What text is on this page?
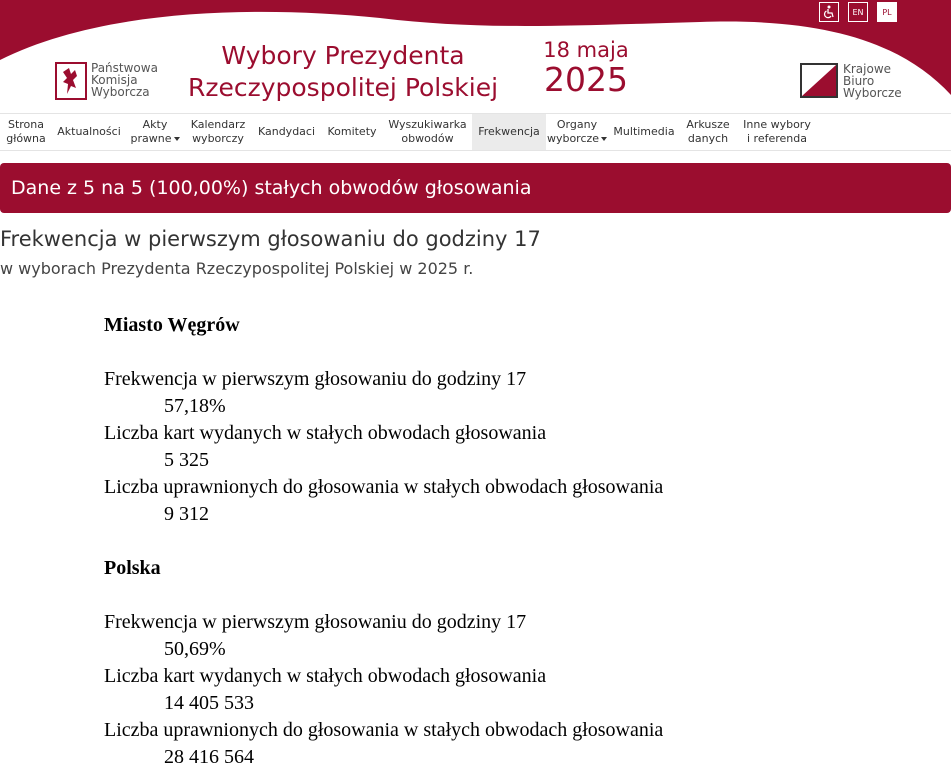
Państwowa
Komisja
Wyborcza
Wybory Prezydenta
Rzeczypospolitej Polskiej
18 maja
2025	Krajowe
Biuro
Wyborcze
EN	PL
Strona
główna
Aktualności
Akty
prawne
Kalendarz
wyborczy
Kandydaci Komitety
Wyszukiwarka
obwodów
Frekwencja
Organy
wyborcze
Multimedia
Arkusze
danych
Inne wybory
i referenda
Dane z 5 na 5 (100,00%) stałych obwodów głosowania
Frekwencja w pierwszym głosowaniu do godziny 17
w wyborach Prezydenta Rzeczypospolitej Polskiej w 2025 r.
Miasto Węgrów
Frekwencja w pierwszym głosowaniu do godziny 17
57,18%
Liczba kart wydanych w stałych obwodach głosowania
5 325
Liczba uprawnionych do głosowania w stałych obwodach głosowania
9 312
Polska
Frekwencja w pierwszym głosowaniu do godziny 17
50,69%
Liczba kart wydanych w stałych obwodach głosowania
14 405 533
Liczba uprawnionych do głosowania w stałych obwodach głosowania
28 416 564
